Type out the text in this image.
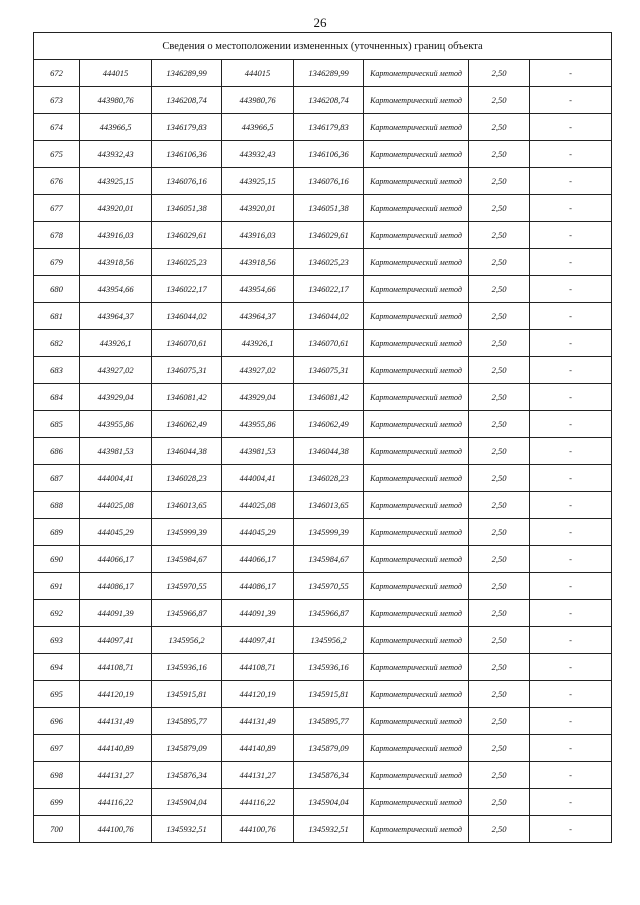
26
Сведения о местоположении измененных (уточненных) границ объекта							
672	444015	1346289,99	444015	1346289,99	Картометрический метод	2,50	-
673	443980,76	1346208,74	443980,76	1346208,74	Картометрический метод	2,50	-
674	443966,5	1346179,83	443966,5	1346179,83	Картометрический метод	2,50	-
675	443932,43	1346106,36	443932,43	1346106,36	Картометрический метод	2,50	-
676	443925,15	1346076,16	443925,15	1346076,16	Картометрический метод	2,50	-
677	443920,01	1346051,38	443920,01	1346051,38	Картометрический метод	2,50	-
678	443916,03	1346029,61	443916,03	1346029,61	Картометрический метод	2,50	-
679	443918,56	1346025,23	443918,56	1346025,23	Картометрический метод	2,50	-
680	443954,66	1346022,17	443954,66	1346022,17	Картометрический метод	2,50	-
681	443964,37	1346044,02	443964,37	1346044,02	Картометрический метод	2,50	-
682	443926,1	1346070,61	443926,1	1346070,61	Картометрический метод	2,50	-
683	443927,02	1346075,31	443927,02	1346075,31	Картометрический метод	2,50	-
684	443929,04	1346081,42	443929,04	1346081,42	Картометрический метод	2,50	-
685	443955,86	1346062,49	443955,86	1346062,49	Картометрический метод	2,50	-
686	443981,53	1346044,38	443981,53	1346044,38	Картометрический метод	2,50	-
687	444004,41	1346028,23	444004,41	1346028,23	Картометрический метод	2,50	-
688	444025,08	1346013,65	444025,08	1346013,65	Картометрический метод	2,50	-
689	444045,29	1345999,39	444045,29	1345999,39	Картометрический метод	2,50	-
690	444066,17	1345984,67	444066,17	1345984,67	Картометрический метод	2,50	-
691	444086,17	1345970,55	444086,17	1345970,55	Картометрический метод	2,50	-
692	444091,39	1345966,87	444091,39	1345966,87	Картометрический метод	2,50	-
693	444097,41	1345956,2	444097,41	1345956,2	Картометрический метод	2,50	-
694	444108,71	1345936,16	444108,71	1345936,16	Картометрический метод	2,50	-
695	444120,19	1345915,81	444120,19	1345915,81	Картометрический метод	2,50	-
696	444131,49	1345895,77	444131,49	1345895,77	Картометрический метод	2,50	-
697	444140,89	1345879,09	444140,89	1345879,09	Картометрический метод	2,50	-
698	444131,27	1345876,34	444131,27	1345876,34	Картометрический метод	2,50	-
699	444116,22	1345904,04	444116,22	1345904,04	Картометрический метод	2,50	-
700	444100,76	1345932,51	444100,76	1345932,51	Картометрический метод	2,50	-
